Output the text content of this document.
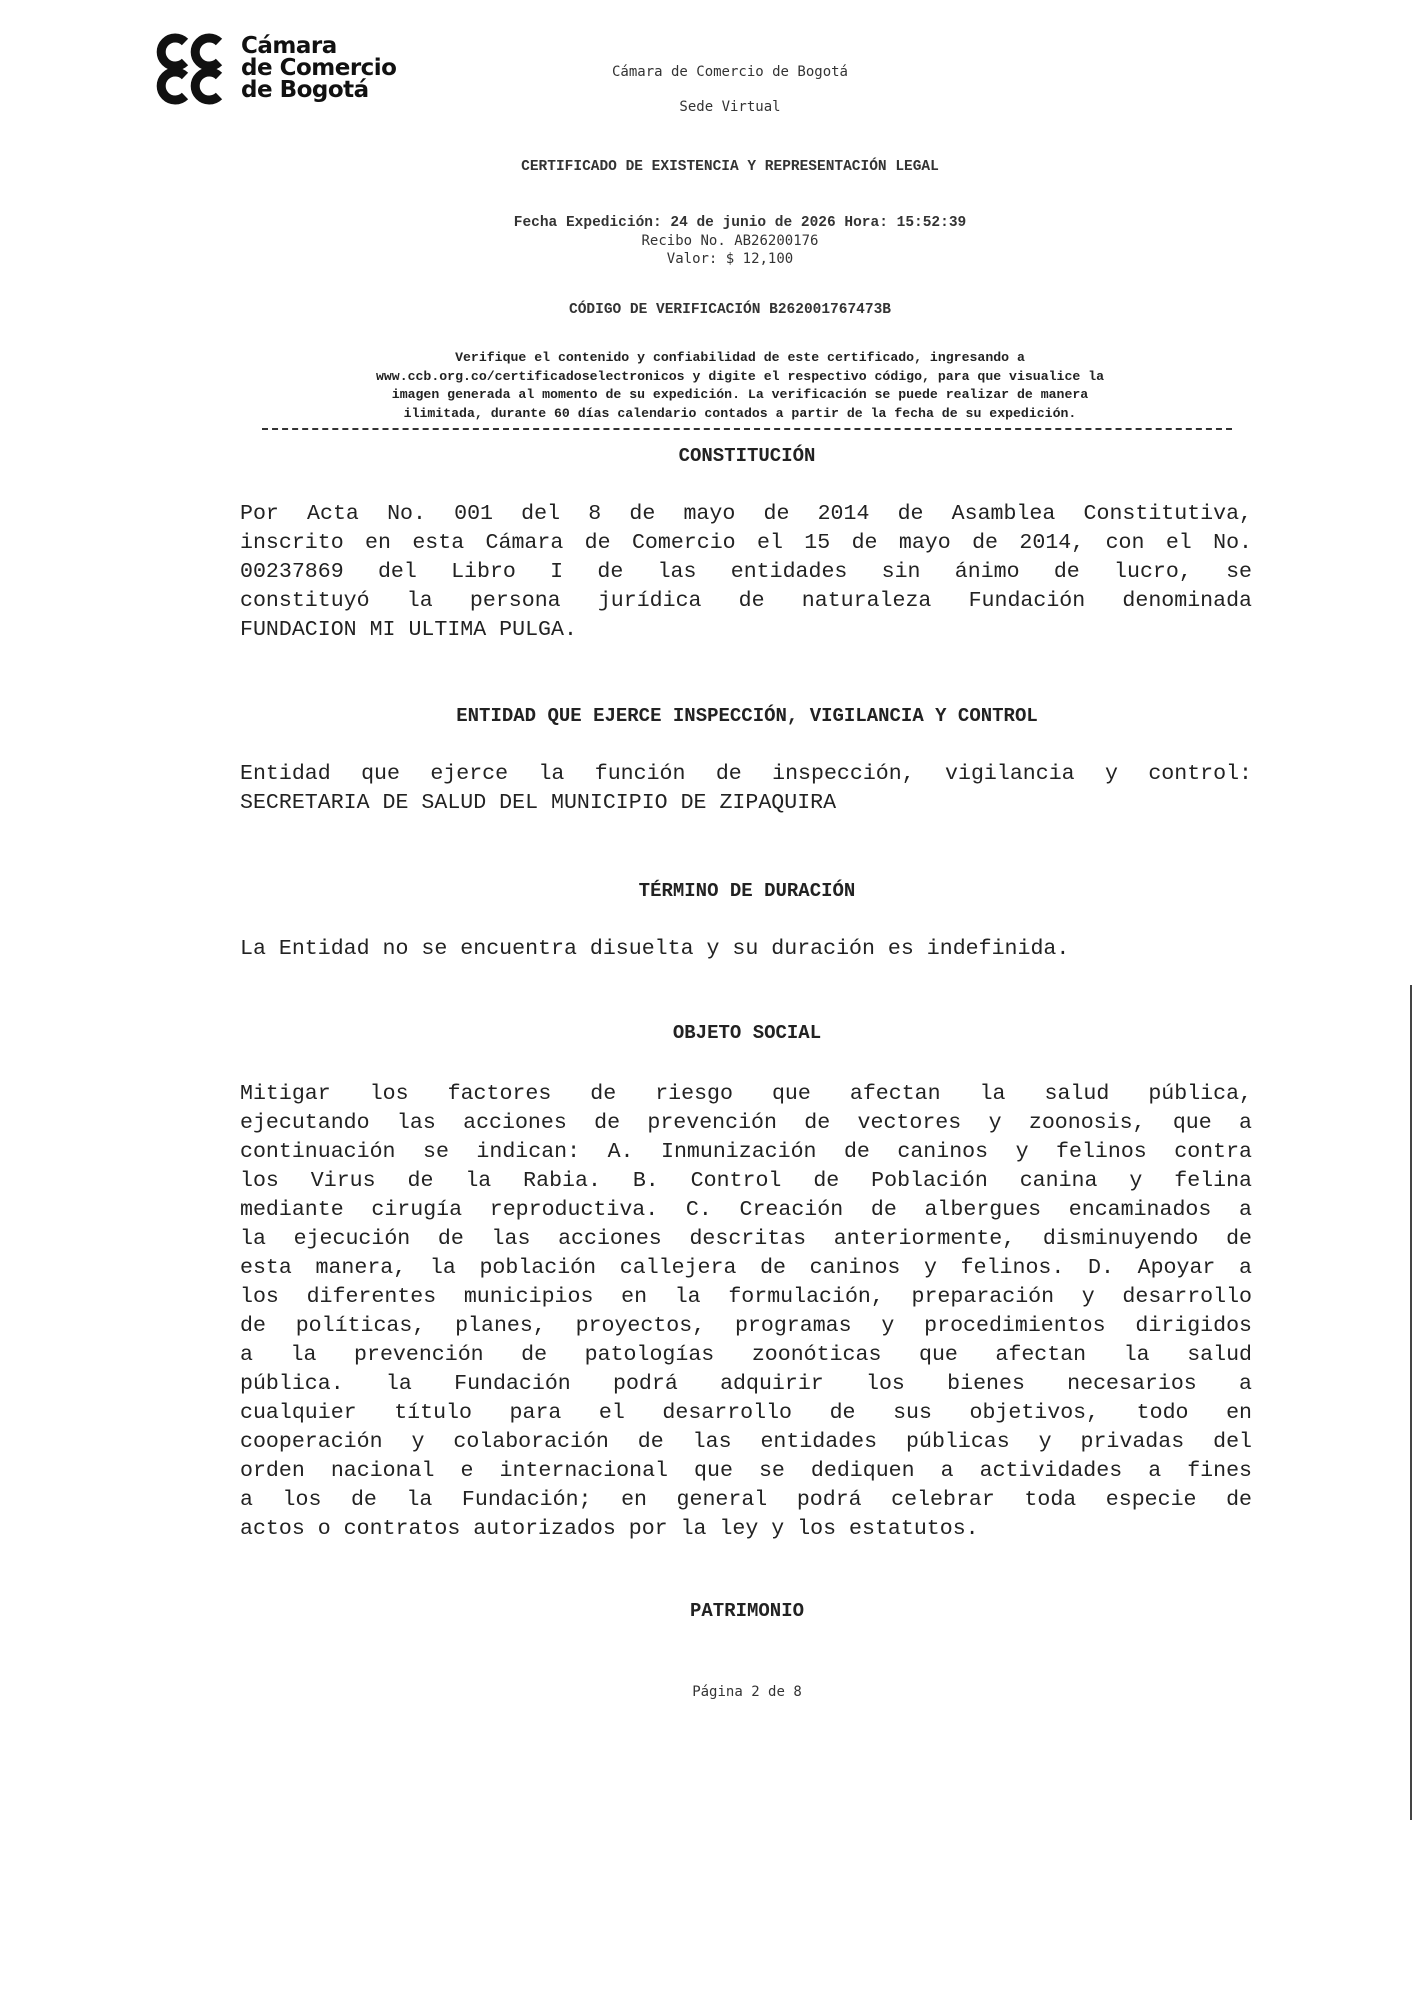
Cámara
de Comercio
de Bogotá
Cámara de Comercio de Bogotá
Sede Virtual
CERTIFICADO DE EXISTENCIA Y REPRESENTACIÓN LEGAL
Fecha Expedición: 24 de junio de 2026 Hora: 15:52:39
Recibo No. AB26200176
Valor: $ 12,100
CÓDIGO DE VERIFICACIÓN B262001767473B
Verifique el contenido y confiabilidad de este certificado, ingresando a
www.ccb.org.co/certificadoselectronicos y digite el respectivo código, para que visualice la
imagen generada al momento de su expedición. La verificación se puede realizar de manera
ilimitada, durante 60 días calendario contados a partir de la fecha de su expedición.
CONSTITUCIÓN
Por Acta No. 001 del 8 de mayo de 2014 de Asamblea Constitutiva,
inscrito en esta Cámara de Comercio el 15 de mayo de 2014, con el No.
00237869 del Libro I de las entidades sin ánimo de lucro, se
constituyó la persona jurídica de naturaleza Fundación denominada
FUNDACION MI ULTIMA PULGA.
ENTIDAD QUE EJERCE INSPECCIÓN, VIGILANCIA Y CONTROL
Entidad que ejerce la función de inspección, vigilancia y control:
SECRETARIA DE SALUD DEL MUNICIPIO DE ZIPAQUIRA
TÉRMINO DE DURACIÓN
La Entidad no se encuentra disuelta y su duración es indefinida.
OBJETO SOCIAL
Mitigar los factores de riesgo que afectan la salud pública,
ejecutando las acciones de prevención de vectores y zoonosis, que a
continuación se indican: A. Inmunización de caninos y felinos contra
los Virus de la Rabia. B. Control de Población canina y felina
mediante cirugía reproductiva. C. Creación de albergues encaminados a
la ejecución de las acciones descritas anteriormente, disminuyendo de
esta manera, la población callejera de caninos y felinos. D. Apoyar a
los diferentes municipios en la formulación, preparación y desarrollo
de políticas, planes, proyectos, programas y procedimientos dirigidos
a la prevención de patologías zoonóticas que afectan la salud
pública. la Fundación podrá adquirir los bienes necesarios a
cualquier título para el desarrollo de sus objetivos, todo en
cooperación y colaboración de las entidades públicas y privadas del
orden nacional e internacional que se dediquen a actividades a fines
a los de la Fundación; en general podrá celebrar toda especie de
actos o contratos autorizados por la ley y los estatutos.
PATRIMONIO
Página 2 de 8
